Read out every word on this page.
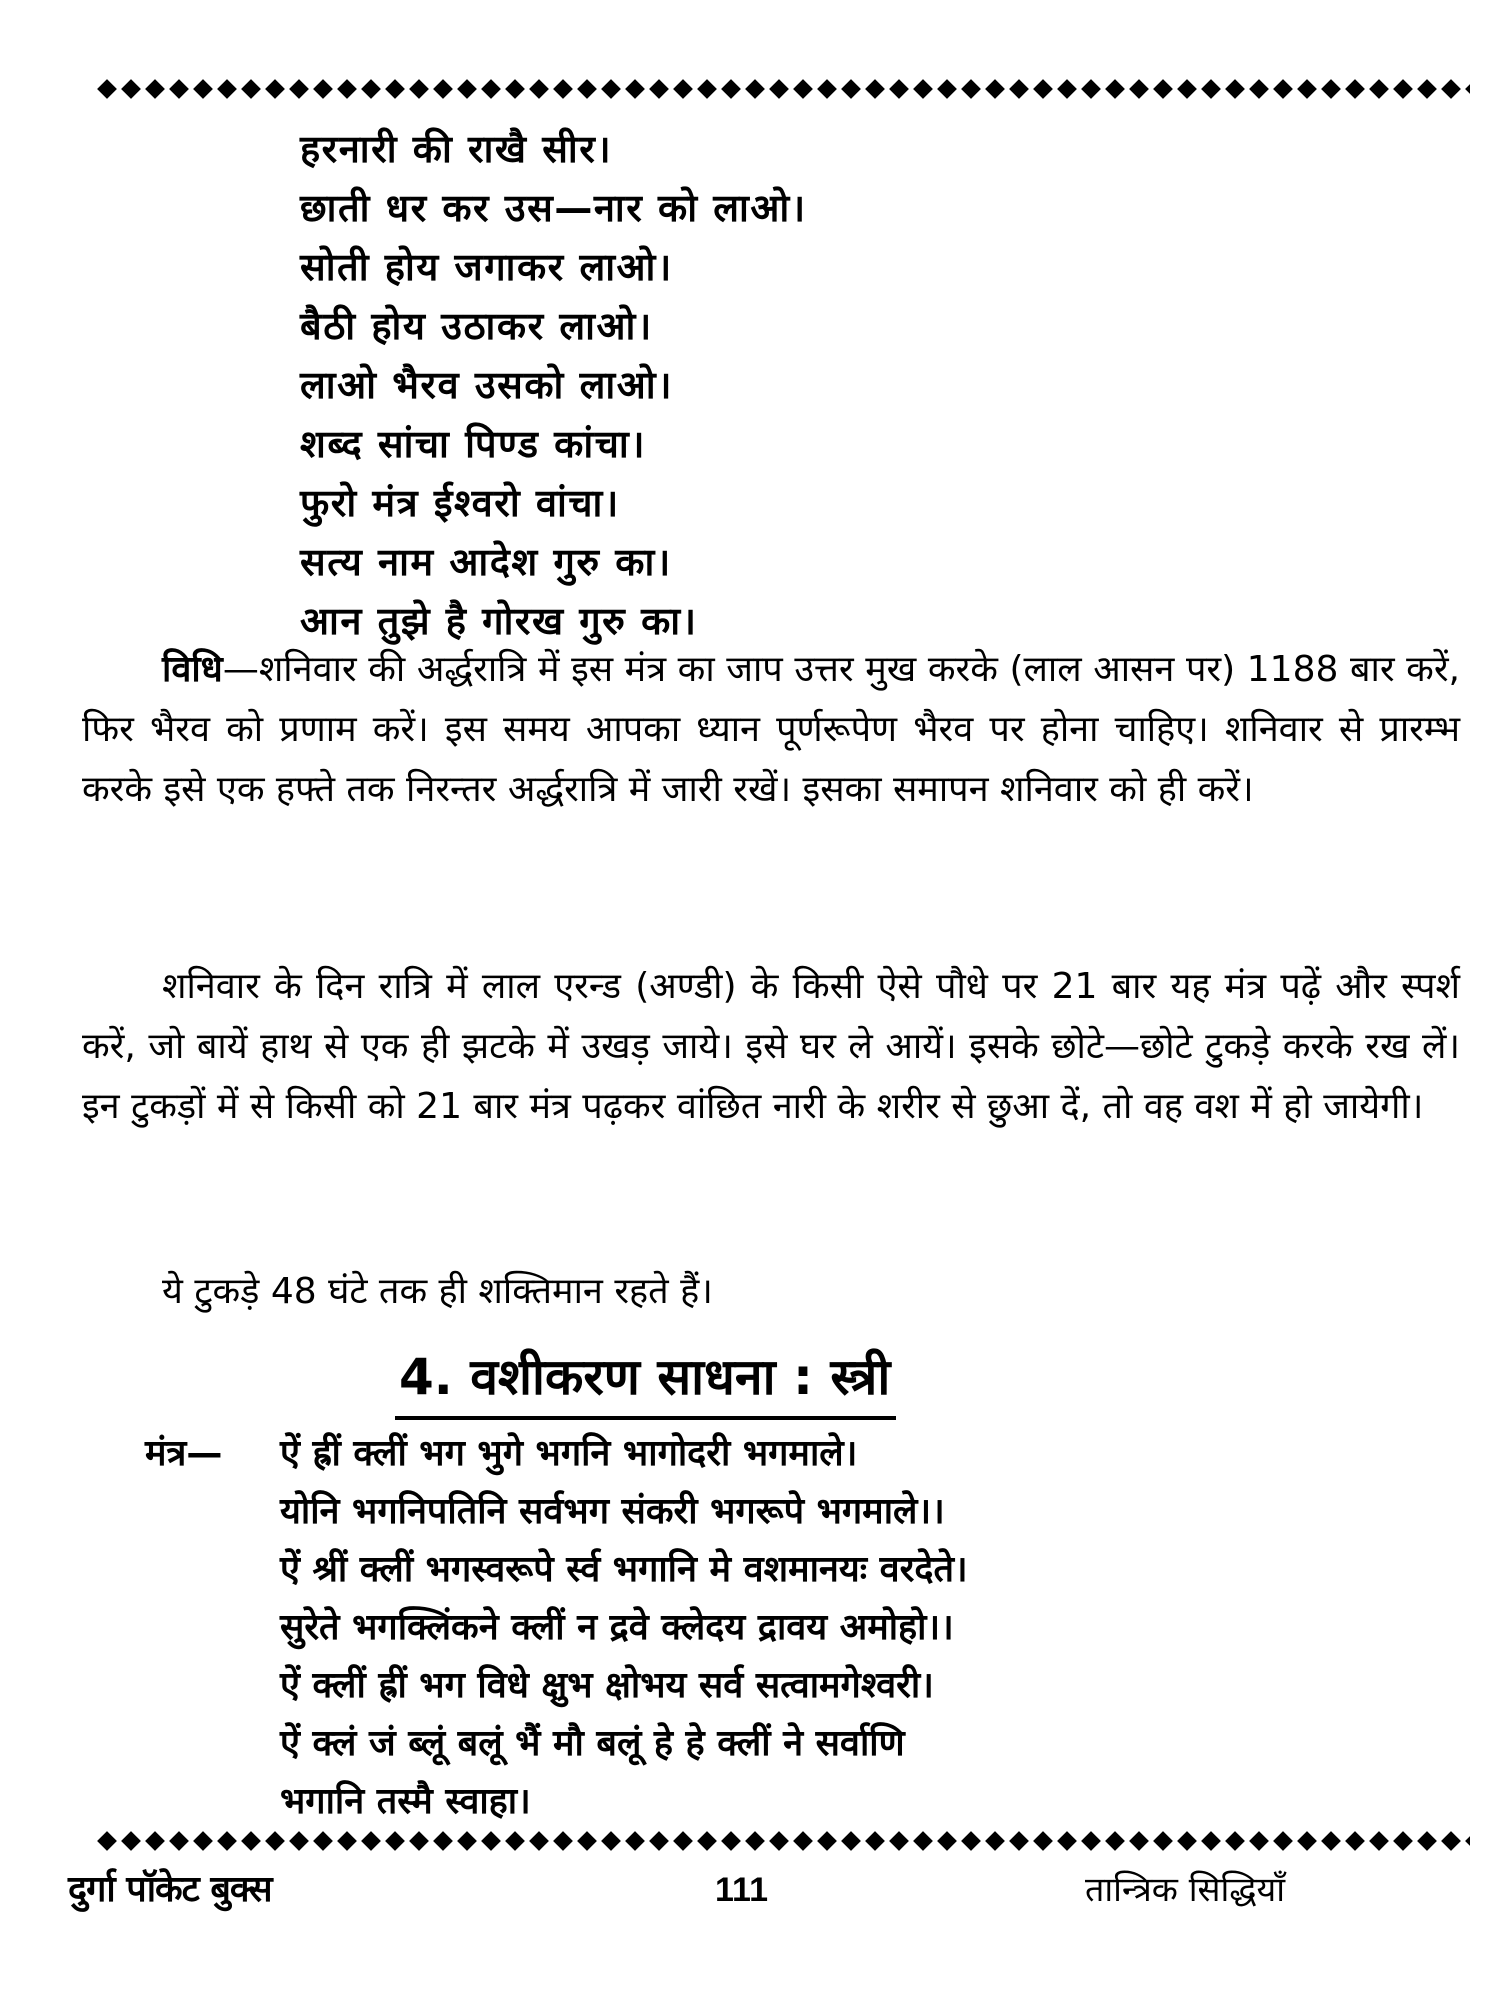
हरनारी की राखै सीर।
छाती धर कर उस—नार को लाओ।
सोती होय जगाकर लाओ।
बैठी होय उठाकर लाओ।
लाओ भैरव उसको लाओ।
शब्द सांचा पिण्ड कांचा।
फुरो मंत्र ईश्वरो वांचा।
सत्य नाम आदेश गुरु का।
आन तुझे है गोरख गुरु का।
विधि—शनिवार की अर्द्धरात्रि में इस मंत्र का जाप उत्तर मुख करके (लाल आसन पर) 1188 बार करें, फिर भैरव को प्रणाम करें। इस समय आपका ध्यान पूर्णरूपेण भैरव पर होना चाहिए। शनिवार से प्रारम्भ करके इसे एक हफ्ते तक निरन्तर अर्द्धरात्रि में जारी रखें। इसका समापन शनिवार को ही करें।
शनिवार के दिन रात्रि में लाल एरन्ड (अण्डी) के किसी ऐसे पौधे पर 21 बार यह मंत्र पढ़ें और स्पर्श करें, जो बायें हाथ से एक ही झटके में उखड़ जाये। इसे घर ले आयें। इसके छोटे—छोटे टुकड़े करके रख लें। इन टुकड़ों में से किसी को 21 बार मंत्र पढ़कर वांछित नारी के शरीर से छुआ दें, तो वह वश में हो जायेगी।
ये टुकड़े 48 घंटे तक ही शक्तिमान रहते हैं।
4. वशीकरण साधना : स्त्री
मंत्र— ऐं ह्रीं क्लीं भग भुगे भगनि भागोदरी भगमाले।
योनि भगनिपतिनि सर्वभग संकरी भगरूपे भगमाले।।
ऐं श्रीं क्लीं भगस्वरूपे र्स्व भगानि मे वशमानयः वरदेते।
सुरेते भगक्लिंकने क्लीं न द्रवे क्लेदय द्रावय अमोहो।।
ऐं क्लीं ह्रीं भग विधे क्षुभ क्षोभय सर्व सत्वामगेश्वरी।
ऐं क्लं जं ब्लूं बलूं भैं मौ बलूं हे हे क्लीं ने सर्वाणि
भगानि तस्मै स्वाहा।
दुर्गा पॉकेट बुक्स	111	तान्त्रिक सिद्धियाँ
